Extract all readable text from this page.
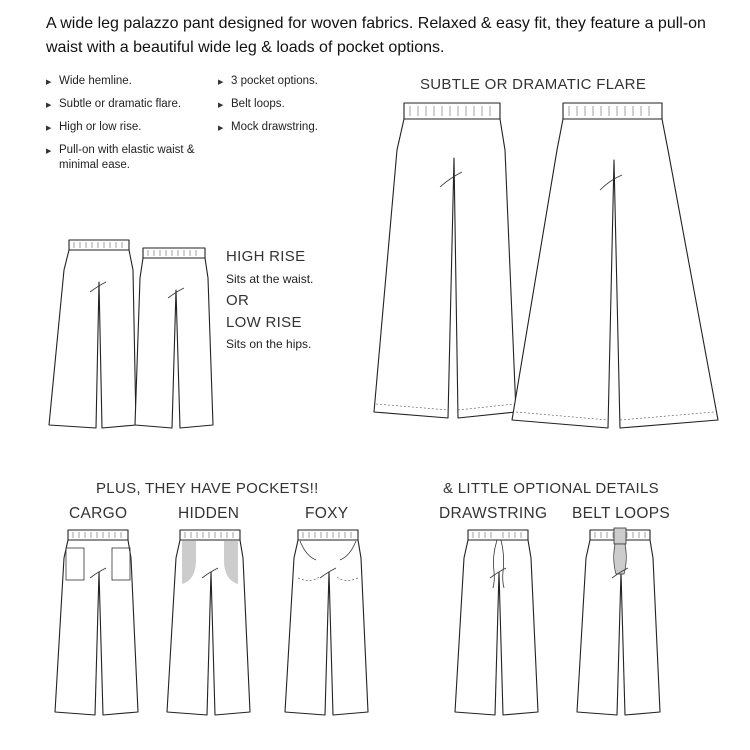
A wide leg palazzo pant designed for woven fabrics. Relaxed & easy fit, they feature a pull-on waist with a beautiful wide leg & loads of pocket options.
▶ Wide hemline.
▶ Subtle or dramatic flare.
▶ High or low rise.
▶ Pull-on with elastic waist & minimal ease.
▶ 3 pocket options.
▶ Belt loops.
▶ Mock drawstring.
SUBTLE OR DRAMATIC FLARE
HIGH RISE
Sits at the waist.
OR
LOW RISE
Sits on the hips.
PLUS, THEY HAVE POCKETS!!
CARGO	HIDDEN	FOXY
& LITTLE OPTIONAL DETAILS
DRAWSTRING BELT LOOPS
